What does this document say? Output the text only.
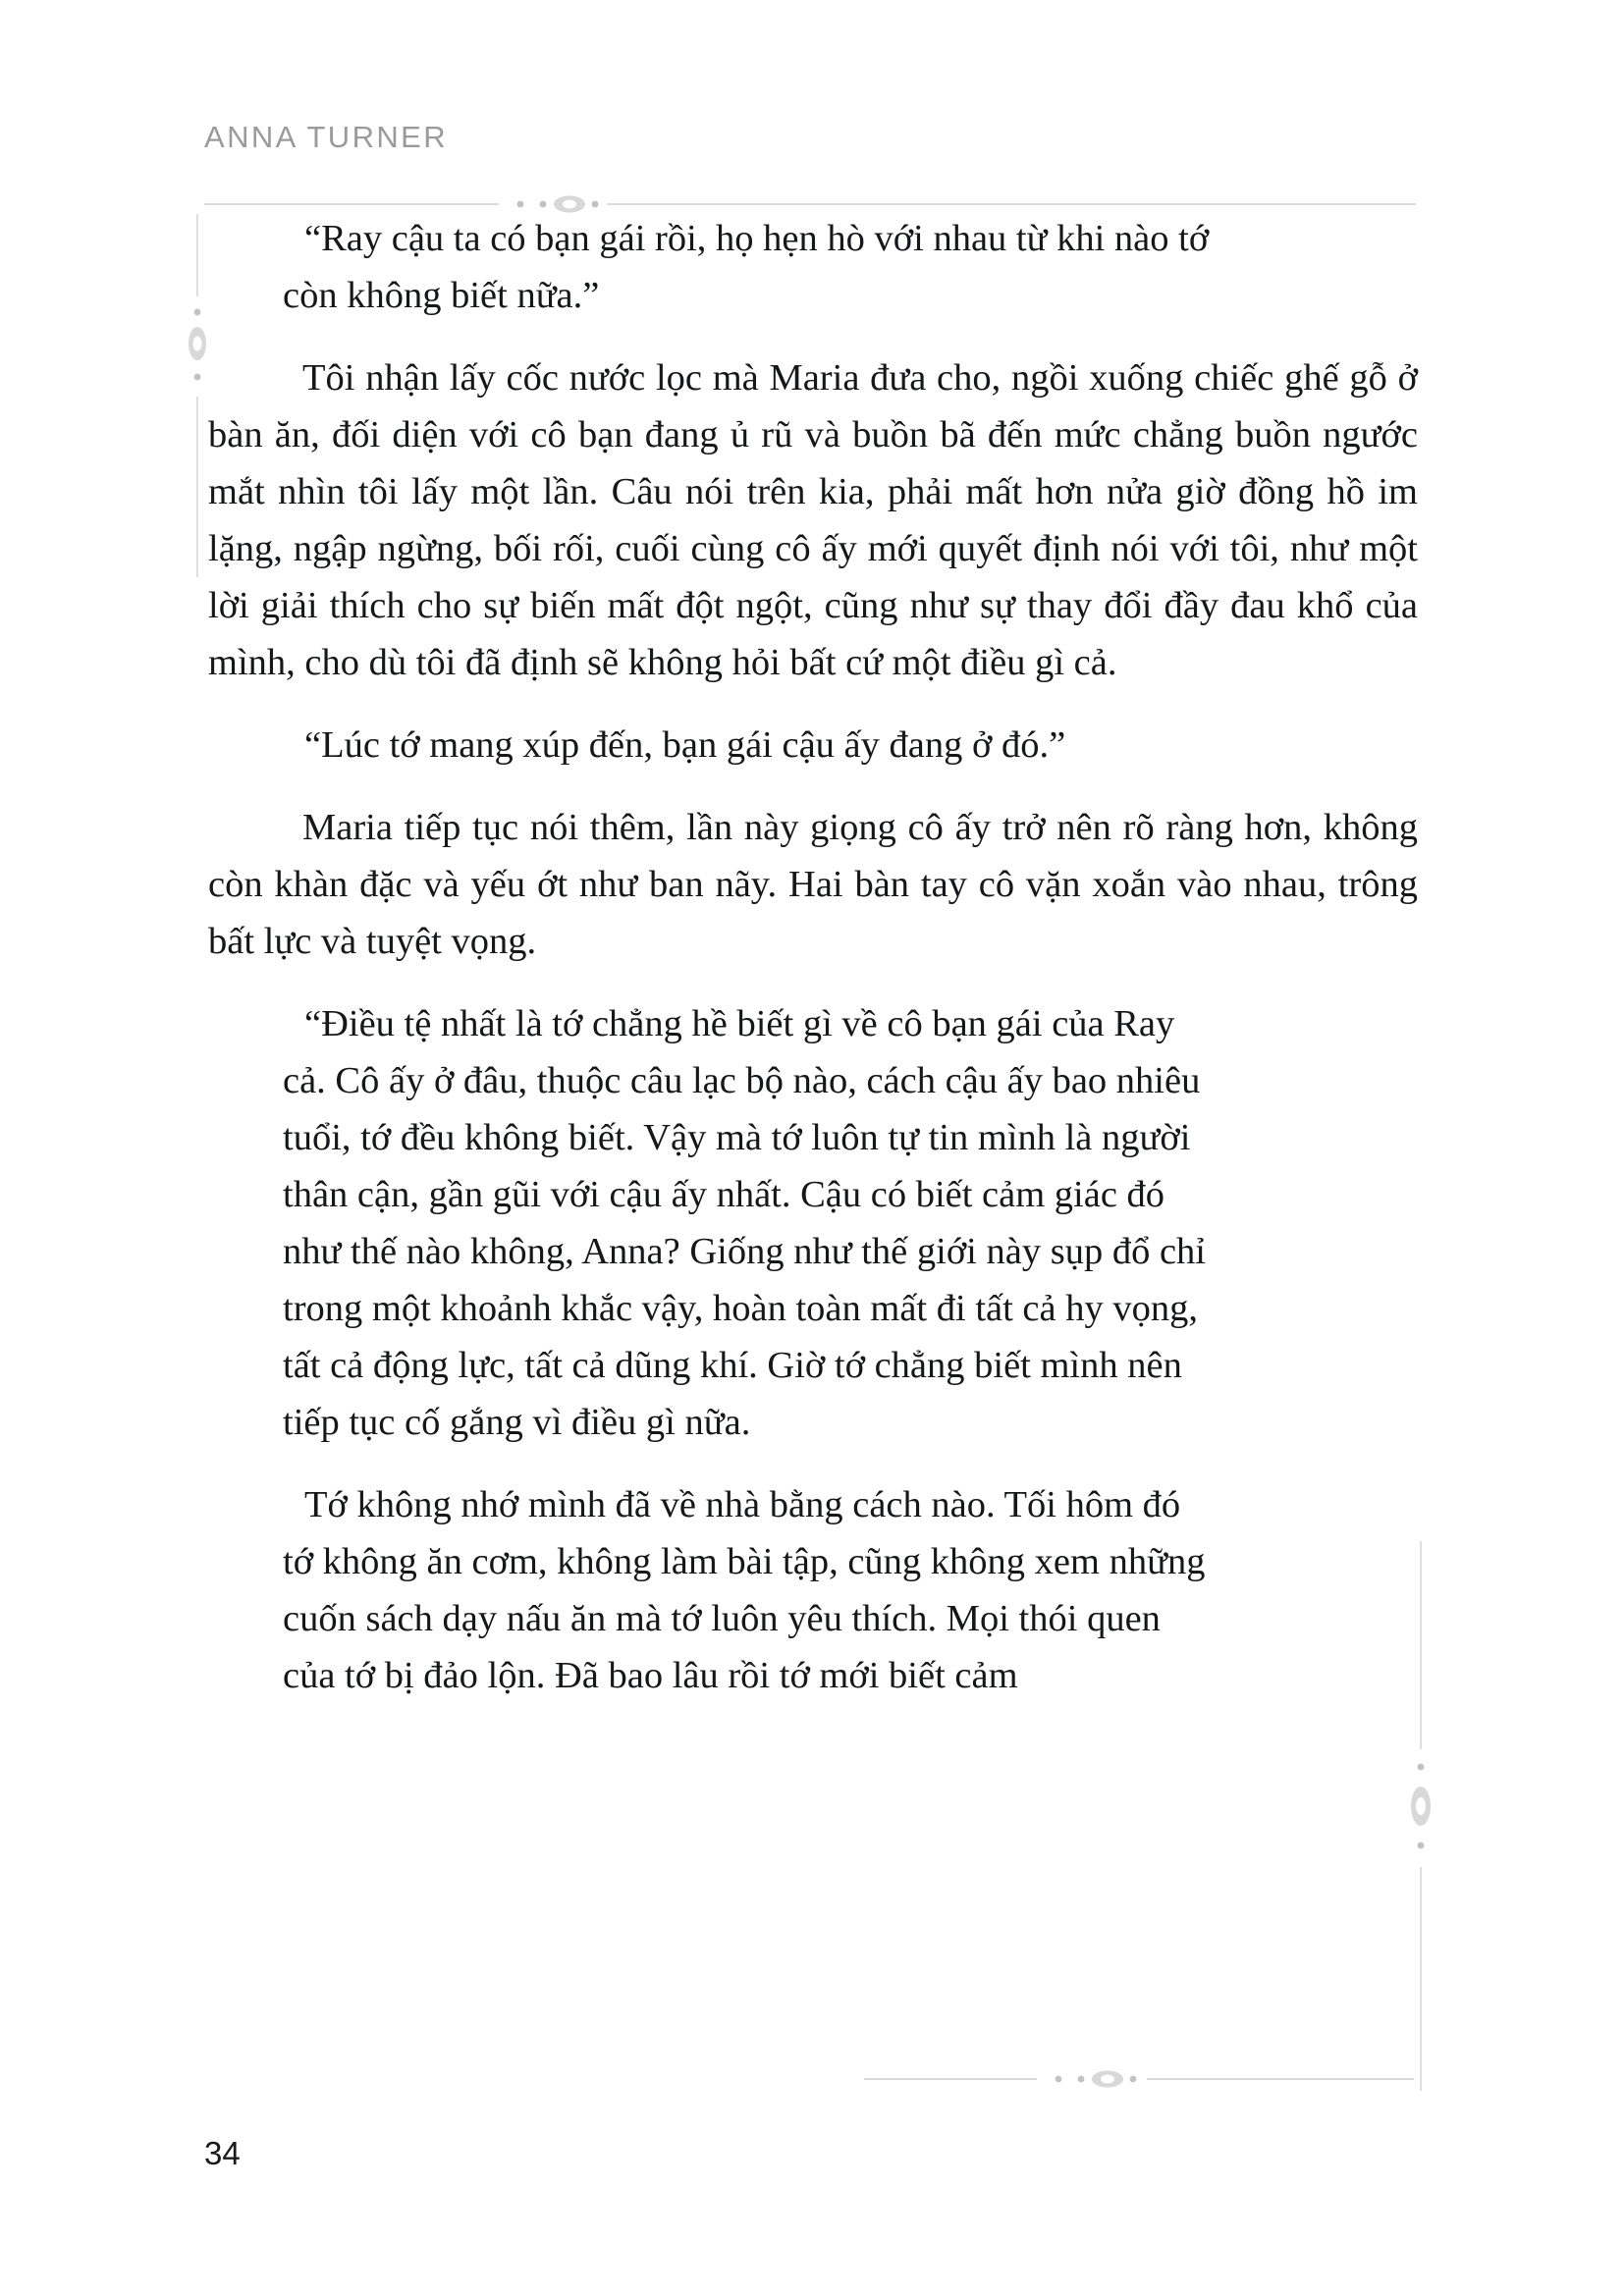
ANNA TURNER

“Ray cậu ta có bạn gái rồi, họ hẹn hò với nhau từ khi nào tớ còn không biết nữa.”

Tôi nhận lấy cốc nước lọc mà Maria đưa cho, ngồi xuống chiếc ghế gỗ ở bàn ăn, đối diện với cô bạn đang ủ rũ và buồn bã đến mức chẳng buồn ngước mắt nhìn tôi lấy một lần. Câu nói trên kia, phải mất hơn nửa giờ đồng hồ im lặng, ngập ngừng, bối rối, cuối cùng cô ấy mới quyết định nói với tôi, như một lời giải thích cho sự biến mất đột ngột, cũng như sự thay đổi đầy đau khổ của mình, cho dù tôi đã định sẽ không hỏi bất cứ một điều gì cả.

“Lúc tớ mang xúp đến, bạn gái cậu ấy đang ở đó.”

Maria tiếp tục nói thêm, lần này giọng cô ấy trở nên rõ ràng hơn, không còn khàn đặc và yếu ớt như ban nãy. Hai bàn tay cô vặn xoắn vào nhau, trông bất lực và tuyệt vọng.

“Điều tệ nhất là tớ chẳng hề biết gì về cô bạn gái của Ray cả. Cô ấy ở đâu, thuộc câu lạc bộ nào, cách cậu ấy bao nhiêu tuổi, tớ đều không biết. Vậy mà tớ luôn tự tin mình là người thân cận, gần gũi với cậu ấy nhất. Cậu có biết cảm giác đó như thế nào không, Anna? Giống như thế giới này sụp đổ chỉ trong một khoảnh khắc vậy, hoàn toàn mất đi tất cả hy vọng, tất cả động lực, tất cả dũng khí. Giờ tớ chẳng biết mình nên tiếp tục cố gắng vì điều gì nữa.

Tớ không nhớ mình đã về nhà bằng cách nào. Tối hôm đó tớ không ăn cơm, không làm bài tập, cũng không xem những cuốn sách dạy nấu ăn mà tớ luôn yêu thích. Mọi thói quen của tớ bị đảo lộn. Đã bao lâu rồi tớ mới biết cảm

34
